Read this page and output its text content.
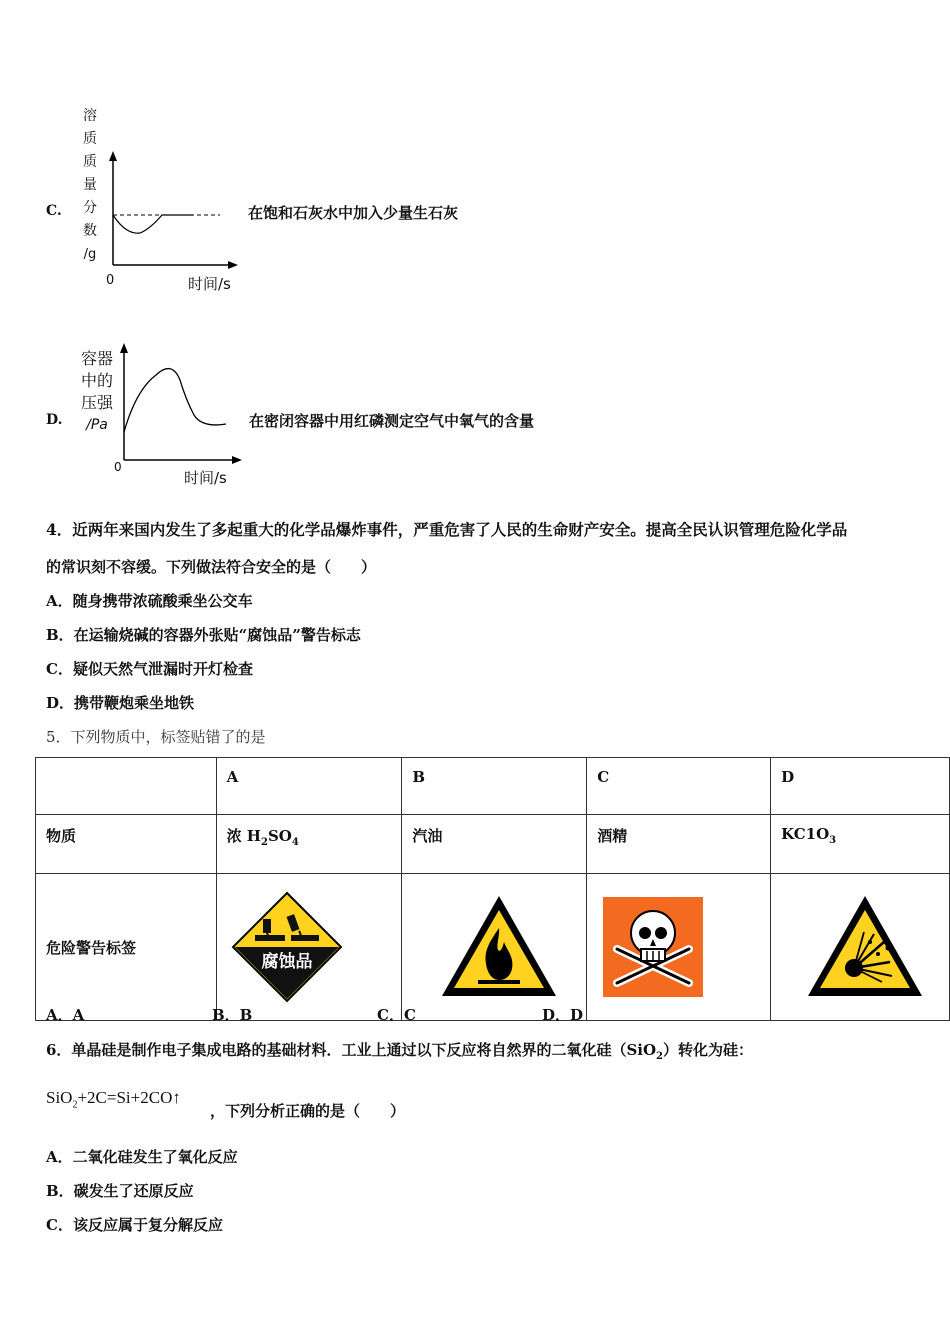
C.
溶
质
质
量
分
数
/g
0	时间/s
在饱和石灰水中加入少量生石灰
D.
容器
中的
压强
/Pa
0
时间/s
在密闭容器中用红磷测定空气中氧气的含量
4．近两年来国内发生了多起重大的化学品爆炸事件，严重危害了人民的生命财产安全。提高全民认识管理危险化学品
的常识刻不容缓。下列做法符合安全的是（　　）
A．随身携带浓硫酸乘坐公交车
B．在运输烧碱的容器外张贴“腐蚀品”警告标志
C．疑似天然气泄漏时开灯检查
D．携带鞭炮乘坐地铁
5．下列物质中，标签贴错了的是
	A	B	C	D
物质	浓 $H_2SO_4$	汽油	酒精	$KC1O_3$
危险警告标签	腐蚀品

A．A	B．B	C．C	D．D
6．单晶硅是制作电子集成电路的基础材料．工业上通过以下反应将自然界的二氧化硅（SiO$_2$）转化为硅：
SiO$_2$+2C=Si+2CO↑
，下列分析正确的是（　　）
A．二氧化硅发生了氧化反应
B．碳发生了还原反应
C．该反应属于复分解反应
